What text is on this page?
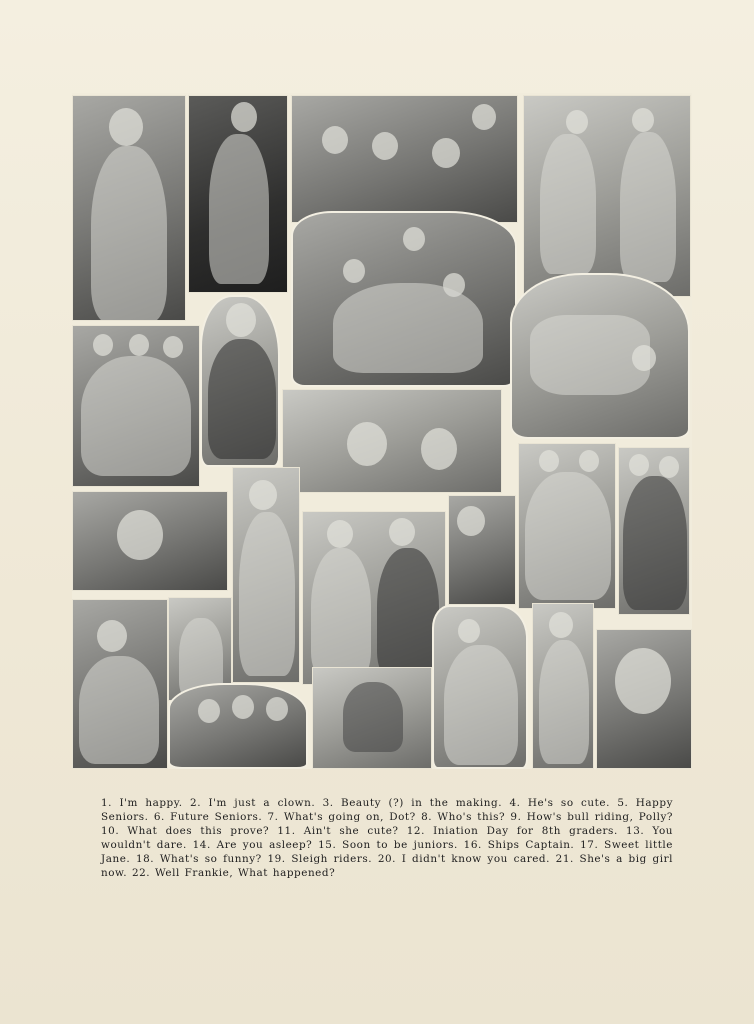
1. I'm happy. 2. I'm just a clown. 3. Beauty (?) in the making. 4. He's so cute. 5. Happy Seniors. 6. Future Seniors. 7. What's going on, Dot? 8. Who's this? 9. How's bull riding, Polly? 10. What does this prove? 11. Ain't she cute? 12. Iniation Day for 8th graders. 13. You wouldn't dare. 14. Are you asleep? 15. Soon to be juniors. 16. Ships Captain. 17. Sweet little Jane. 18. What's so funny? 19. Sleigh riders. 20. I didn't know you cared. 21. She's a big girl now. 22. Well Frankie, What happened?
